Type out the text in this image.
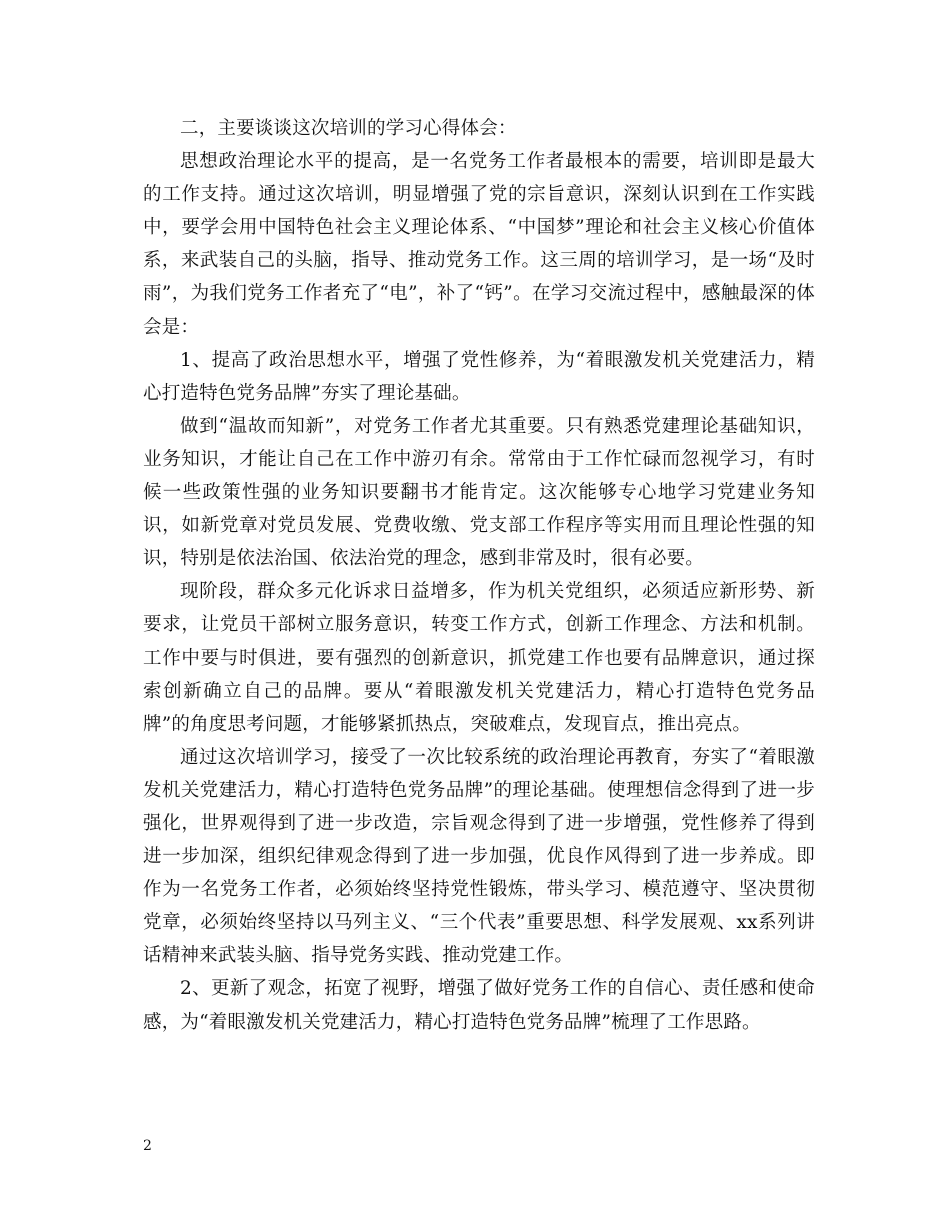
二，主要谈谈这次培训的学习心得体会：

思想政治理论水平的提高，是一名党务工作者最根本的需要，培训即是最大的工作支持。通过这次培训，明显增强了党的宗旨意识，深刻认识到在工作实践中，要学会用中国特色社会主义理论体系、“中国梦”理论和社会主义核心价值体系，来武装自己的头脑，指导、推动党务工作。这三周的培训学习，是一场“及时雨”，为我们党务工作者充了“电”，补了“钙”。在学习交流过程中，感触最深的体会是：

1、提高了政治思想水平，增强了党性修养，为“着眼激发机关党建活力，精心打造特色党务品牌”夯实了理论基础。

做到“温故而知新”，对党务工作者尤其重要。只有熟悉党建理论基础知识，业务知识，才能让自己在工作中游刃有余。常常由于工作忙碌而忽视学习，有时候一些政策性强的业务知识要翻书才能肯定。这次能够专心地学习党建业务知识，如新党章对党员发展、党费收缴、党支部工作程序等实用而且理论性强的知识，特别是依法治国、依法治党的理念，感到非常及时，很有必要。

现阶段，群众多元化诉求日益增多，作为机关党组织，必须适应新形势、新要求，让党员干部树立服务意识，转变工作方式，创新工作理念、方法和机制。工作中要与时俱进，要有强烈的创新意识，抓党建工作也要有品牌意识，通过探索创新确立自己的品牌。要从“着眼激发机关党建活力，精心打造特色党务品牌”的角度思考问题，才能够紧抓热点，突破难点，发现盲点，推出亮点。

通过这次培训学习，接受了一次比较系统的政治理论再教育，夯实了“着眼激发机关党建活力，精心打造特色党务品牌”的理论基础。使理想信念得到了进一步强化，世界观得到了进一步改造，宗旨观念得到了进一步增强，党性修养了得到进一步加深，组织纪律观念得到了进一步加强，优良作风得到了进一步养成。即作为一名党务工作者，必须始终坚持党性锻炼，带头学习、模范遵守、坚决贯彻党章，必须始终坚持以马列主义、“三个代表”重要思想、科学发展观、xx系列讲话精神来武装头脑、指导党务实践、推动党建工作。

2、更新了观念，拓宽了视野，增强了做好党务工作的自信心、责任感和使命感，为“着眼激发机关党建活力，精心打造特色党务品牌”梳理了工作思路。

2
